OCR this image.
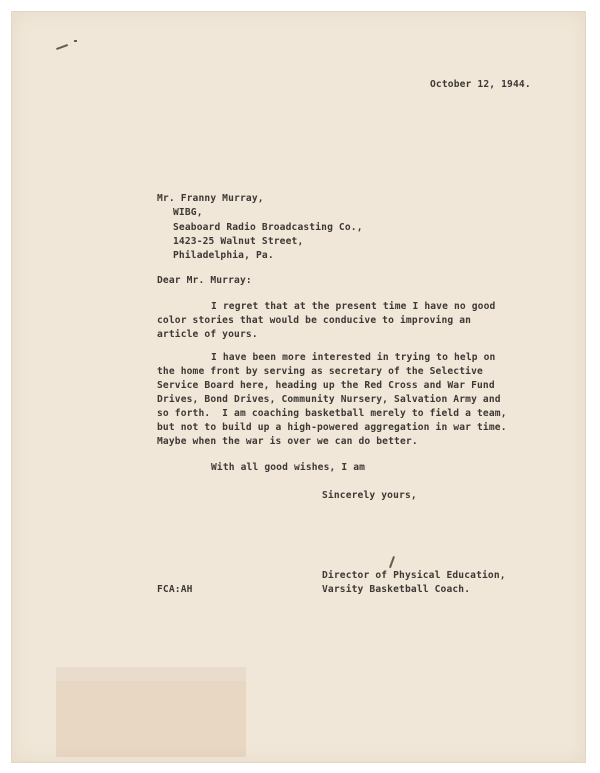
October 12, 1944.

Mr. Franny Murray,

WIBG,

Seaboard Radio Broadcasting Co.,

1423-25 Walnut Street,

Philadelphia, Pa.

Dear Mr. Murray:

I regret that at the present time I have no good

color stories that would be conducive to improving an

article of yours.

I have been more interested in trying to help on

the home front by serving as secretary of the Selective

Service Board here, heading up the Red Cross and War Fund

Drives, Bond Drives, Community Nursery, Salvation Army and

so forth.  I am coaching basketball merely to field a team,

but not to build up a high-powered aggregation in war time.

Maybe when the war is over we can do better.

With all good wishes, I am

Sincerely yours,

Director of Physical Education,

Varsity Basketball Coach.

FCA:AH
